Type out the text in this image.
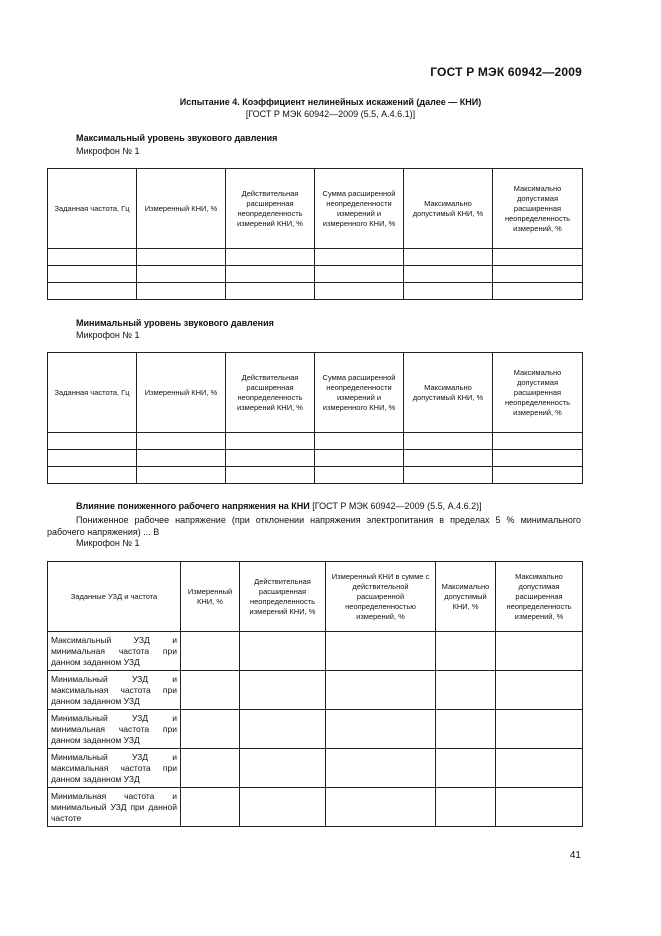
ГОСТ Р МЭК 60942—2009
Испытание 4. Коэффициент нелинейных искажений (далее — КНИ)
[ГОСТ Р МЭК 60942—2009 (5.5, А.4.6.1)]
Максимальный уровень звукового давления
Микрофон № 1
Заданная частота, Гц	Измеренный КНИ, %	Действительная расширенная неопределенность измерений КНИ, %	Сумма расширенной неопределенности измерений и измеренного КНИ, %	Максимально допустимый КНИ, %	Максимально допустимая расширенная неопределенность измерений, %

Минимальный уровень звукового давления
Микрофон № 1
Заданная частота, Гц	Измеренный КНИ, %	Действительная расширенная неопределенность измерений КНИ, %	Сумма расширенной неопределенности измерений и измеренного КНИ, %	Максимально допустимый КНИ, %	Максимально допустимая расширенная неопределенность измерений, %

Влияние пониженного рабочего напряжения на КНИ [ГОСТ Р МЭК 60942—2009 (5.5, А.4.6.2)]
Пониженное рабочее напряжение (при отклонении напряжения электропитания в пределах 5 % минимального рабочего напряжения) ... В
Микрофон № 1
Заданные УЗД и частота	Измеренный КНИ, %	Действительная расширенная неопределенность измерений КНИ, %	Измеренный КНИ в сумме с действительной расширенной неопределенностью измерений, %	Максимально допустимый КНИ, %	Максимально допустимая расширенная неопределенность измерений, %
Максимальный УЗД и минимальная частота при данном заданном УЗД					
Минимальный УЗД и максимальная частота при данном заданном УЗД					
Минимальный УЗД и минимальная частота при данном заданном УЗД					
Минимальный УЗД и максимальная частота при данном заданном УЗД					
Минимальная частота и минимальный УЗД при данной частоте					
41
